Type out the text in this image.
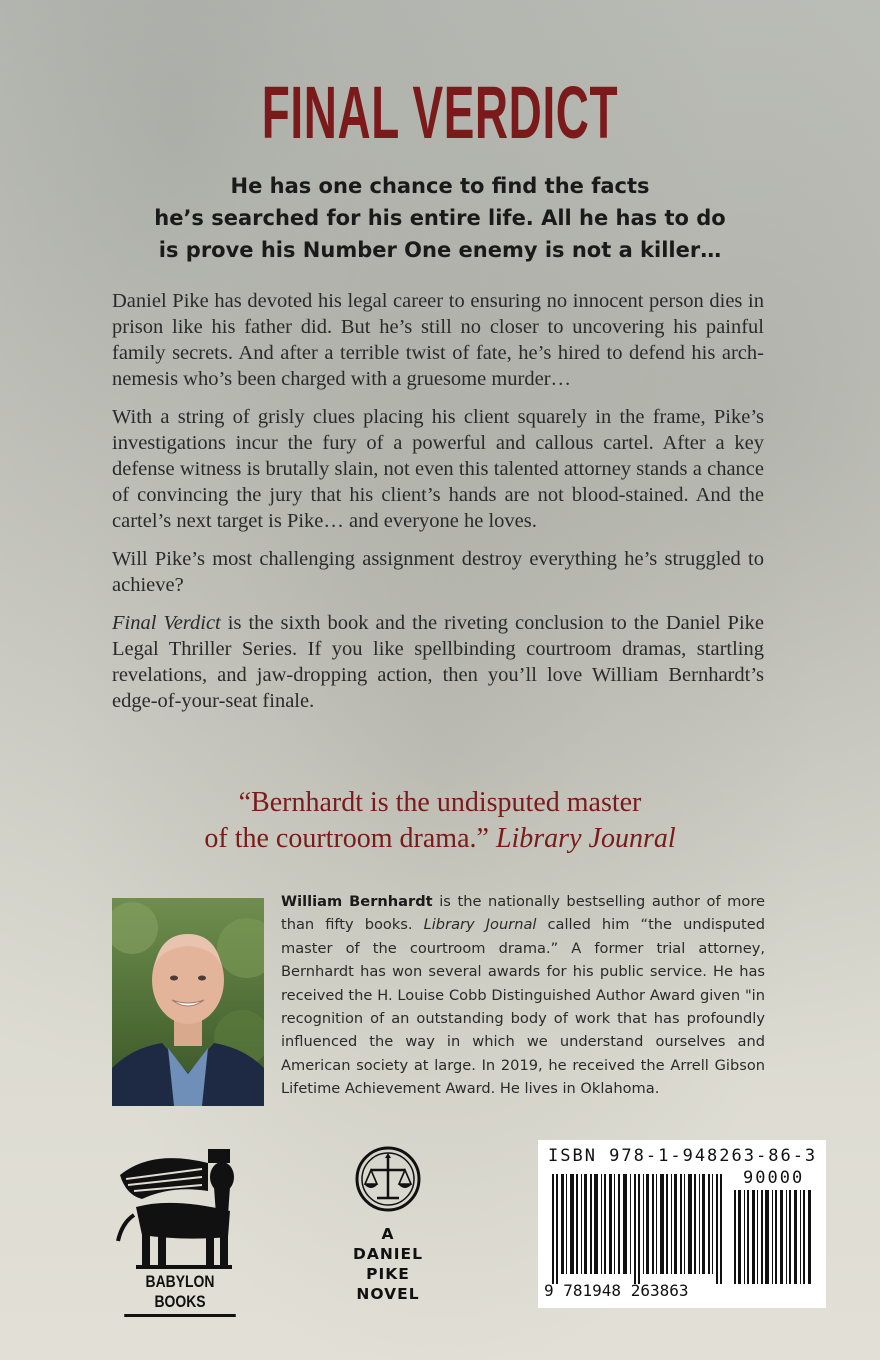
FINAL VERDICT
He has one chance to find the facts
he’s searched for his entire life. All he has to do
is prove his Number One enemy is not a killer…

Daniel Pike has devoted his legal career to ensuring no innocent person dies in prison like his father did. But he’s still no closer to uncovering his painful family secrets. And after a terrible twist of fate, he’s hired to defend his arch-nemesis who’s been charged with a gruesome murder…

With a string of grisly clues placing his client squarely in the frame, Pike’s investigations incur the fury of a powerful and callous cartel. After a key defense witness is brutally slain, not even this talented attorney stands a chance of convincing the jury that his client’s hands are not blood-stained. And the cartel’s next target is Pike… and everyone he loves.

Will Pike’s most challenging assignment destroy everything he’s struggled to achieve?

Final Verdict is the sixth book and the riveting conclusion to the Daniel Pike Legal Thriller Series. If you like spellbinding courtroom dramas, startling revelations, and jaw-dropping action, then you’ll love William Bernhardt’s edge-of-your-seat finale.

“Bernhardt is the undisputed master
of the courtroom drama.” Library Jounral
William Bernhardt is the nationally bestselling author of more than fifty books. Library Journal called him “the undisputed master of the courtroom drama.” A former trial attorney, Bernhardt has won several awards for his public service. He has received the H. Louise Cobb Distinguished Author Award given "in recognition of an outstanding body of work that has profoundly influenced the way in which we understand ourselves and American society at large. In 2019, he received the Arrell Gibson Lifetime Achievement Award. He lives in Oklahoma.
BABYLON BOOKS
A
DANIEL
PIKE
NOVEL
ISBN 978-1-948263-86-3
90000
9 781948 263863
